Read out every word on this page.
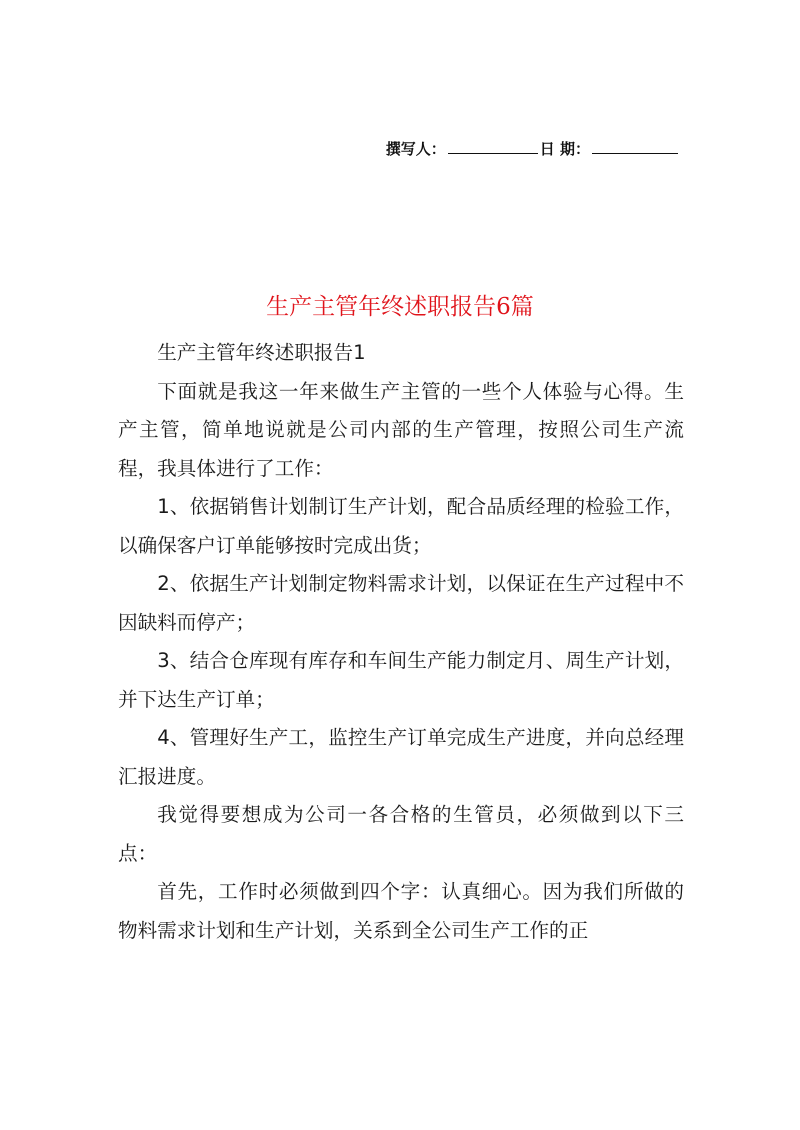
撰写人：	日 期：
生产主管年终述职报告6篇

生产主管年终述职报告1

下面就是我这一年来做生产主管的一些个人体验与心得。生产主管，简单地说就是公司内部的生产管理，按照公司生产流程，我具体进行了工作：

1、依据销售计划制订生产计划，配合品质经理的检验工作，以确保客户订单能够按时完成出货；

2、依据生产计划制定物料需求计划，以保证在生产过程中不因缺料而停产；

3、结合仓库现有库存和车间生产能力制定月、周生产计划，并下达生产订单；

4、管理好生产工，监控生产订单完成生产进度，并向总经理汇报进度。

我觉得要想成为公司一各合格的生管员，必须做到以下三点：

首先，工作时必须做到四个字：认真细心。因为我们所做的物料需求计划和生产计划，关系到全公司生产工作的正
